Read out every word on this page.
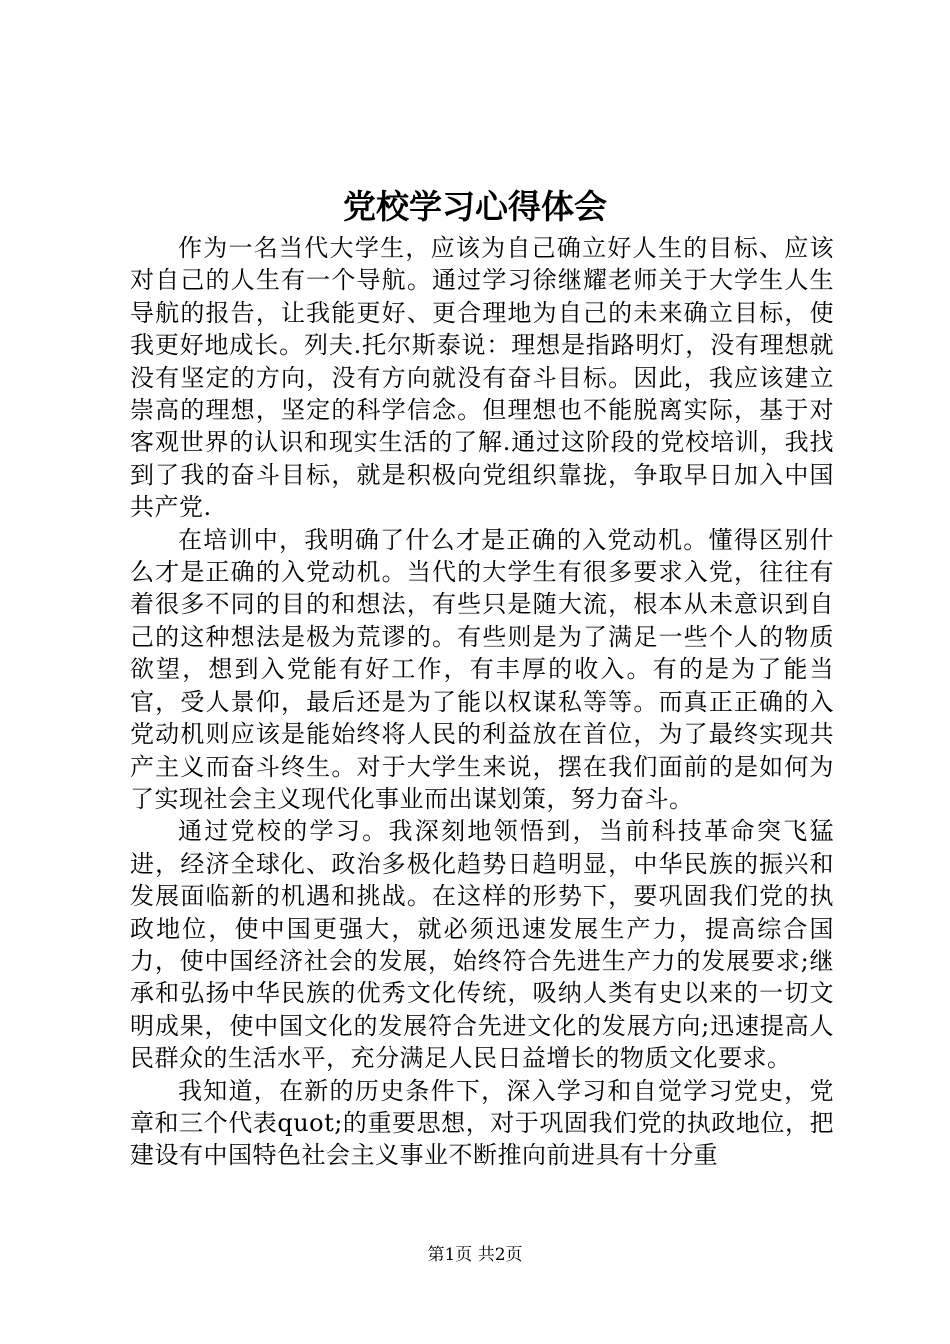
党校学习心得体会

作为一名当代大学生，应该为自己确立好人生的目标、应该对自己的人生有一个导航。通过学习徐继耀老师关于大学生人生导航的报告，让我能更好、更合理地为自己的未来确立目标，使我更好地成长。列夫.托尔斯泰说：理想是指路明灯，没有理想就没有坚定的方向，没有方向就没有奋斗目标。因此，我应该建立崇高的理想，坚定的科学信念。但理想也不能脱离实际，基于对客观世界的认识和现实生活的了解.通过这阶段的党校培训，我找到了我的奋斗目标，就是积极向党组织靠拢，争取早日加入中国共产党.

在培训中，我明确了什么才是正确的入党动机。懂得区别什么才是正确的入党动机。当代的大学生有很多要求入党，往往有着很多不同的目的和想法，有些只是随大流，根本从未意识到自己的这种想法是极为荒谬的。有些则是为了满足一些个人的物质欲望，想到入党能有好工作，有丰厚的收入。有的是为了能当官，受人景仰，最后还是为了能以权谋私等等。而真正正确的入党动机则应该是能始终将人民的利益放在首位，为了最终实现共产主义而奋斗终生。对于大学生来说，摆在我们面前的是如何为了实现社会主义现代化事业而出谋划策，努力奋斗。

通过党校的学习。我深刻地领悟到，当前科技革命突飞猛进，经济全球化、政治多极化趋势日趋明显，中华民族的振兴和发展面临新的机遇和挑战。在这样的形势下，要巩固我们党的执政地位，使中国更强大，就必须迅速发展生产力，提高综合国力，使中国经济社会的发展，始终符合先进生产力的发展要求;继承和弘扬中华民族的优秀文化传统，吸纳人类有史以来的一切文明成果，使中国文化的发展符合先进文化的发展方向;迅速提高人民群众的生活水平，充分满足人民日益增长的物质文化要求。

我知道，在新的历史条件下，深入学习和自觉学习党史，党章和三个代表quot;的重要思想，对于巩固我们党的执政地位，把建设有中国特色社会主义事业不断推向前进具有十分重

第1页 共2页
